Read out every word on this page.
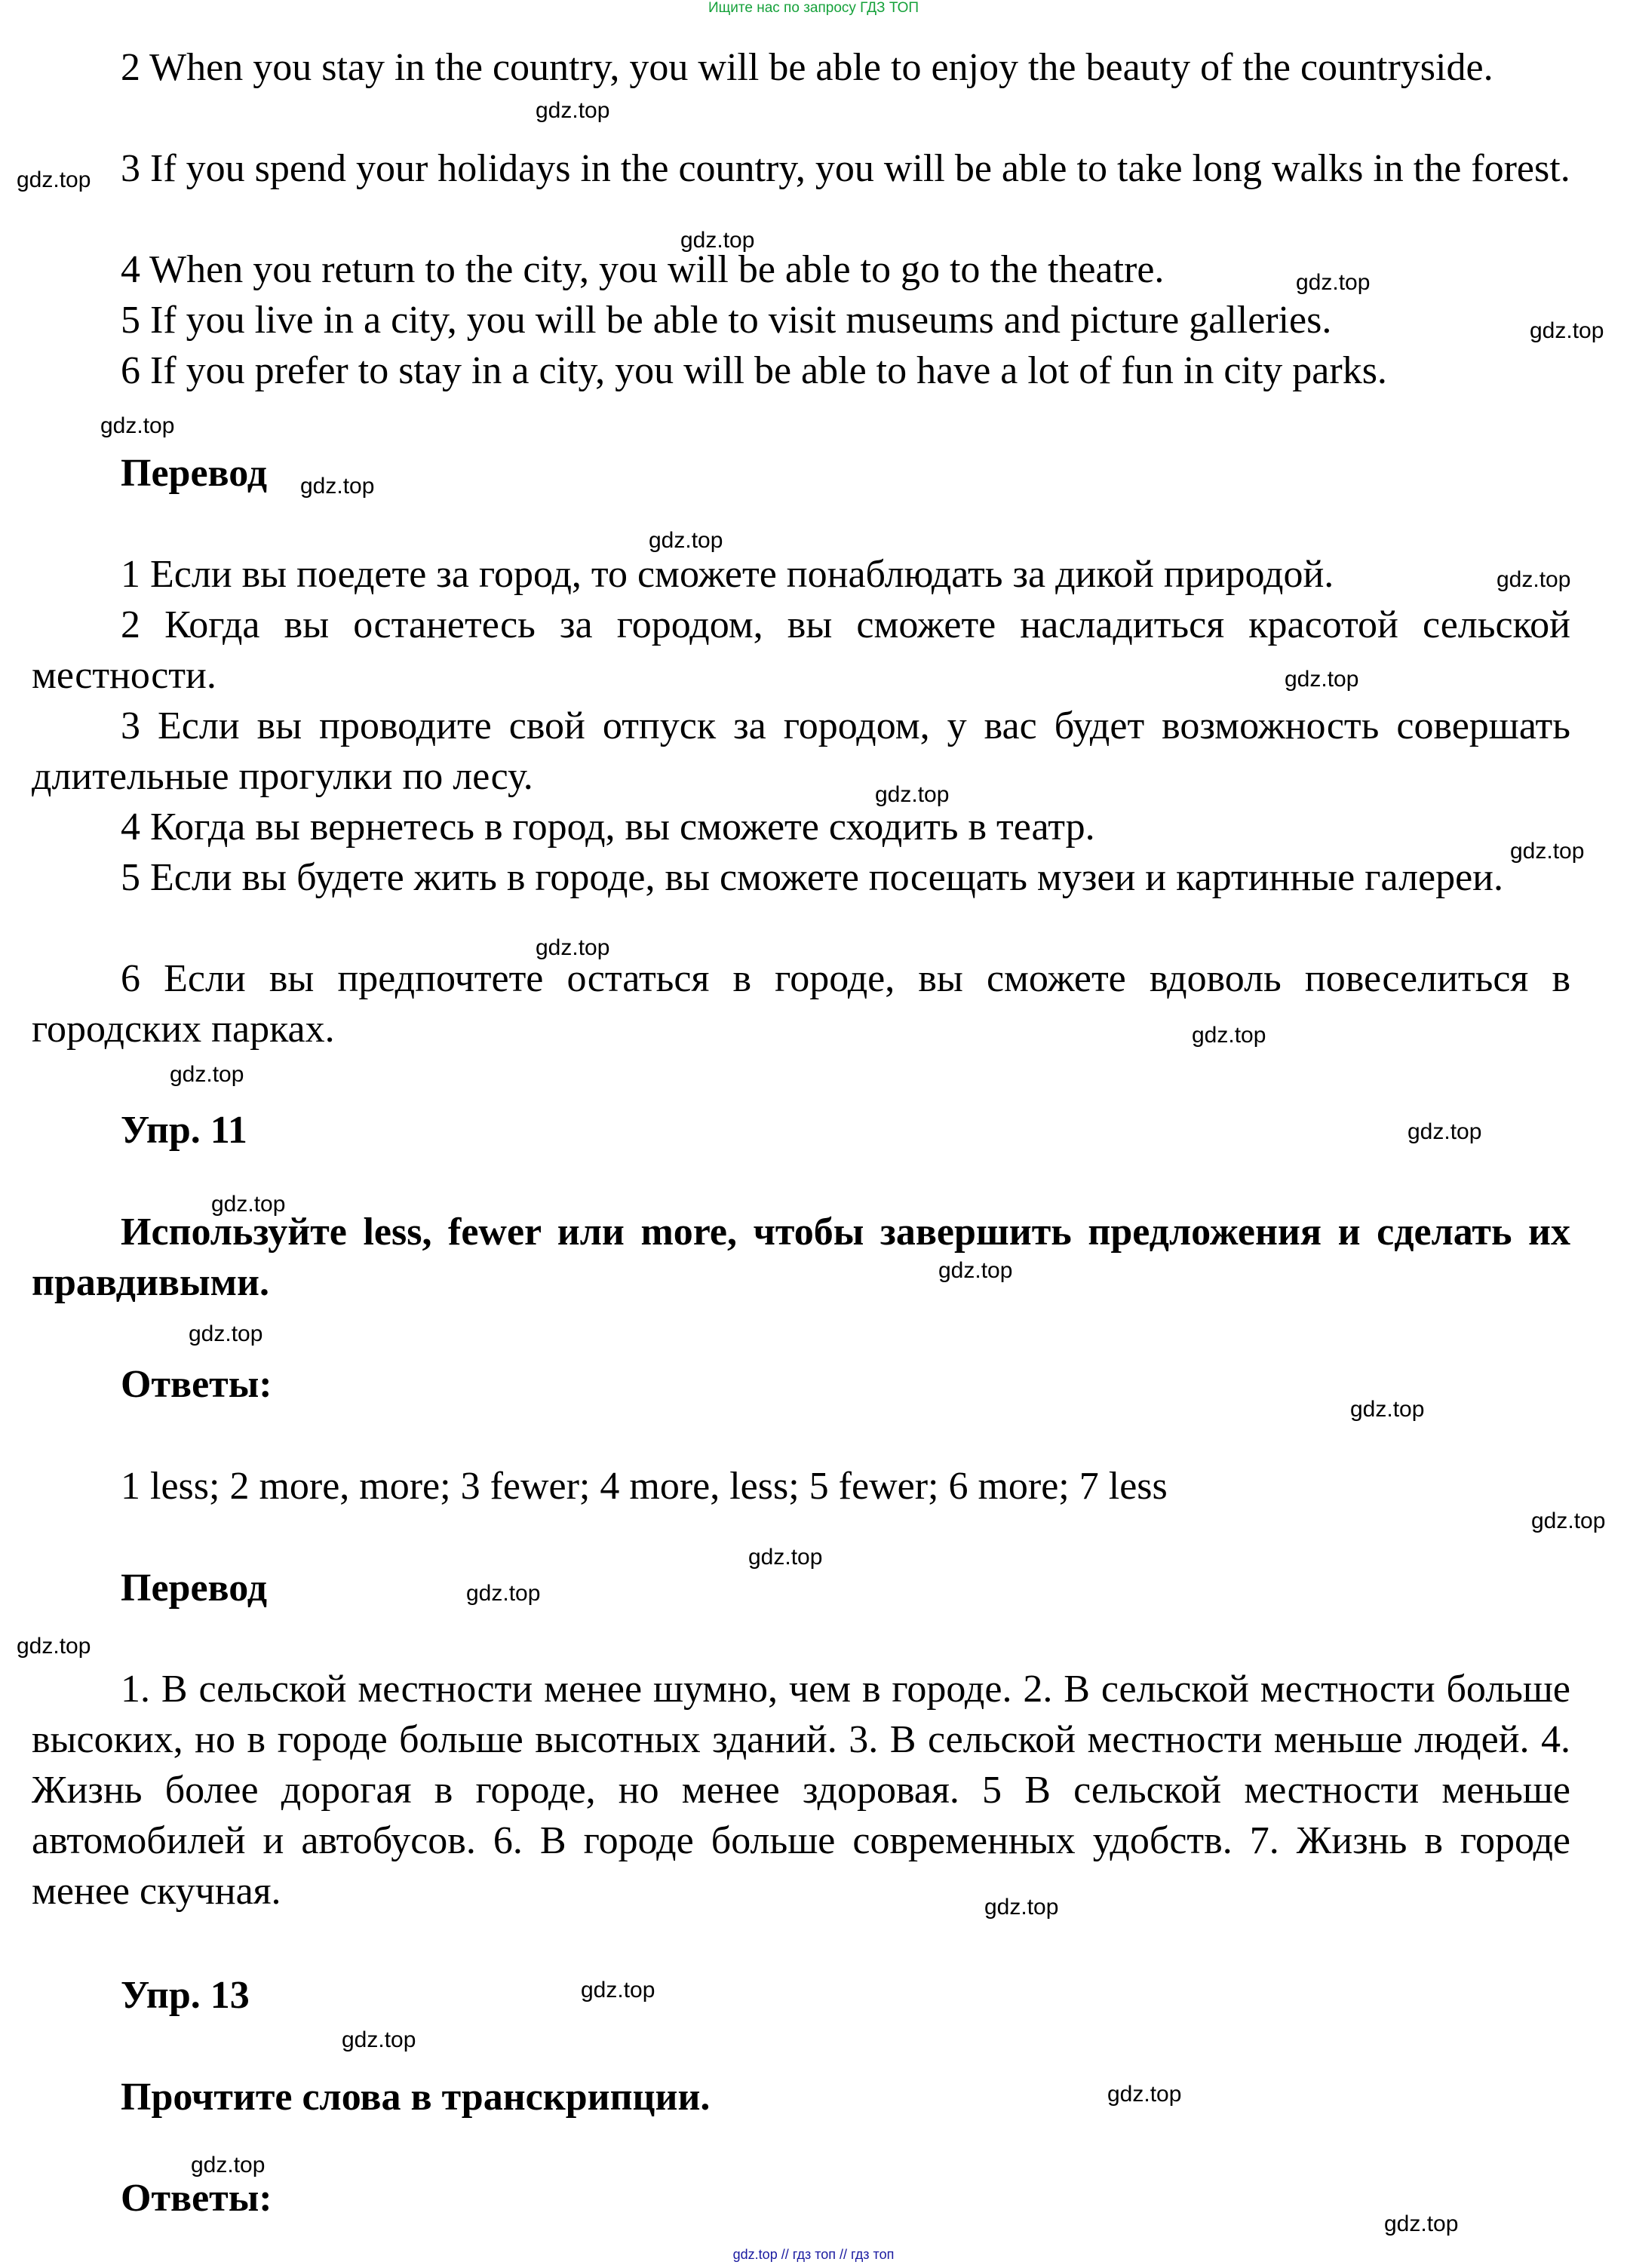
Ищите нас по запросу ГДЗ ТОП

2 When you stay in the country, you will be able to enjoy the beauty of the countryside.

3 If you spend your holidays in the country, you will be able to take long walks in the forest.

4 When you return to the city, you will be able to go to the theatre.

5 If you live in a city, you will be able to visit museums and picture galleries.

6 If you prefer to stay in a city, you will be able to have a lot of fun in city parks.

Перевод

1 Если вы поедете за город, то сможете понаблюдать за дикой природой.

2 Когда вы останетесь за городом, вы сможете насладиться красотой сельской местности.

3 Если вы проводите свой отпуск за городом, у вас будет возможность совершать длительные прогулки по лесу.

4 Когда вы вернетесь в город, вы сможете сходить в театр.

5 Если вы будете жить в городе, вы сможете посещать музеи и картинные галереи.

6 Если вы предпочтете остаться в городе, вы сможете вдоволь повеселиться в городских парках.

Упр. 11

Используйте less, fewer или more, чтобы завершить предложения и сделать их правдивыми.

Ответы:

1 less; 2 more, more; 3 fewer; 4 more, less; 5 fewer; 6 more; 7 less

Перевод

1. В сельской местности менее шумно, чем в городе. 2. В сельской местности больше высоких, но в городе больше высотных зданий. 3. В сельской местности меньше людей. 4. Жизнь более дорогая в городе, но менее здоровая. 5 В сельской местности меньше автомобилей и автобусов. 6. В городе больше современных удобств. 7. Жизнь в городе менее скучная.

Упр. 13
Прочтите слова в транскрипции.
Ответы:
gdz.top
gdz.top
gdz.top
gdz.top
gdz.top
gdz.top
gdz.top
gdz.top
gdz.top
gdz.top
gdz.top
gdz.top
gdz.top
gdz.top
gdz.top
gdz.top
gdz.top
gdz.top
gdz.top
gdz.top
gdz.top
gdz.top
gdz.top
gdz.top
gdz.top
gdz.top
gdz.top
gdz.top
gdz.top
gdz.top
gdz.top // гдз топ // гдз топ
